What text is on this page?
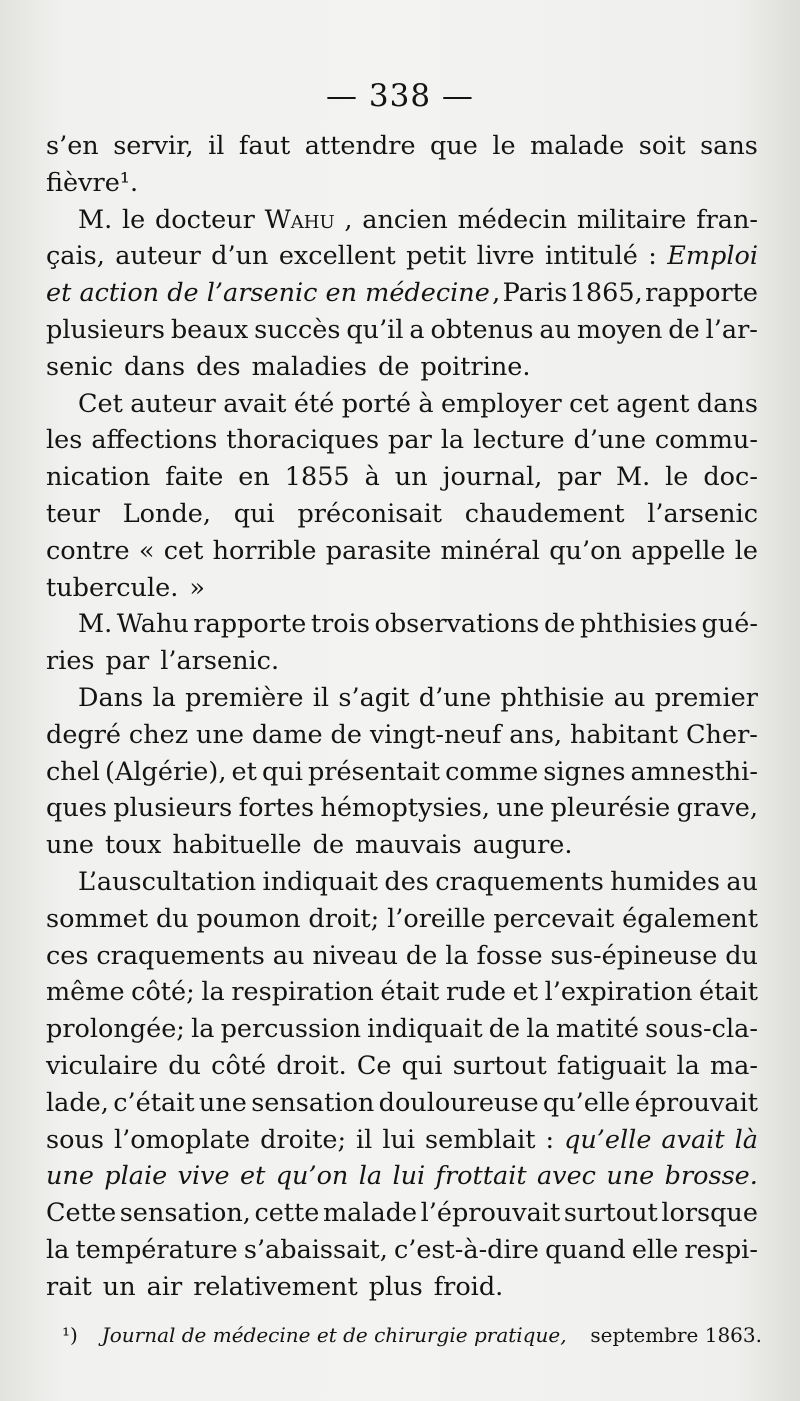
— 338 —
s’en servir, il faut attendre que le malade soit sans
fièvre¹.
M. le docteur Wahu , ancien médecin militaire fran-
çais, auteur d’un excellent petit livre intitulé : Emploi
et action de l’arsenic en médecine , Paris 1865, rapporte
plusieurs beaux succès qu’il a obtenus au moyen de l’ar-
senic dans des maladies de poitrine.
Cet auteur avait été porté à employer cet agent dans
les affections thoraciques par la lecture d’une commu-
nication faite en 1855 à un journal, par M. le doc-
teur Londe, qui préconisait chaudement l’arsenic
contre « cet horrible parasite minéral qu’on appelle le
tubercule. »
M. Wahu rapporte trois observations de phthisies gué-
ries par l’arsenic.
Dans la première il s’agit d’une phthisie au premier
degré chez une dame de vingt-neuf ans, habitant Cher-
chel (Algérie), et qui présentait comme signes amnesthi-
ques plusieurs fortes hémoptysies, une pleurésie grave,
une toux habituelle de mauvais augure.
L’auscultation indiquait des craquements humides au
sommet du poumon droit; l’oreille percevait également
ces craquements au niveau de la fosse sus-épineuse du
même côté; la respiration était rude et l’expiration était
prolongée; la percussion indiquait de la matité sous-cla-
viculaire du côté droit. Ce qui surtout fatiguait la ma-
lade, c’était une sensation douloureuse qu’elle éprouvait
sous l’omoplate droite; il lui semblait : qu’elle avait là
une plaie vive et qu’on la lui frottait avec une brosse.
Cette sensation, cette malade l’éprouvait surtout lorsque
la température s’abaissait, c’est-à-dire quand elle respi-
rait un air relativement plus froid.
¹) Journal de médecine et de chirurgie pratique, septembre 1863.
